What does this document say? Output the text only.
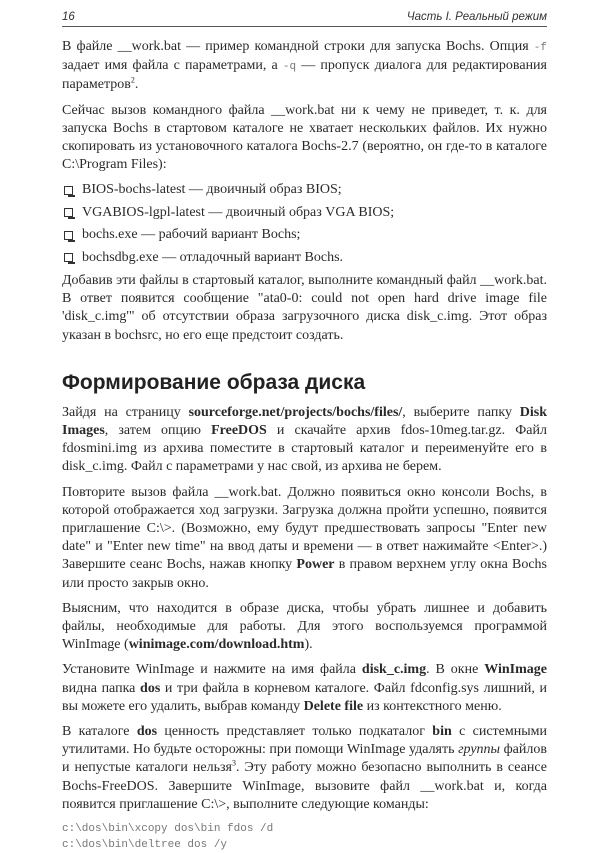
16	Часть I. Реальный режим

В файле __work.bat — пример командной строки для запуска Bochs. Опция -f задает имя файла с параметрами, а -q — пропуск диалога для редактирования параметров$^2$.

Сейчас вызов командного файла __work.bat ни к чему не приведет, т. к. для запуска Bochs в стартовом каталоге не хватает нескольких файлов. Их нужно скопировать из установочного каталога Bochs-2.7 (вероятно, он где-то в каталоге C:\Program Files):

BIOS-bochs-latest — двоичный образ BIOS;
VGABIOS-lgpl-latest — двоичный образ VGA BIOS;
bochs.exe — рабочий вариант Bochs;
bochsdbg.exe — отладочный вариант Bochs.

Добавив эти файлы в стартовый каталог, выполните командный файл __work.bat. В ответ появится сообщение "ata0-0: could not open hard drive image file 'disk_c.img'" об отсутствии образа загрузочного диска disk_c.img. Этот образ указан в bochsrc, но его еще предстоит создать.

Формирование образа диска

Зайдя на страницу sourceforge.net/projects/bochs/files/, выберите папку Disk Images, затем опцию FreeDOS и скачайте архив fdos-10meg.tar.gz. Файл fdosmini.img из архива поместите в стартовый каталог и переименуйте его в disk_c.img. Файл с параметрами у нас свой, из архива не берем.

Повторите вызов файла __work.bat. Должно появиться окно консоли Bochs, в которой отображается ход загрузки. Загрузка должна пройти успешно, появится приглашение C:\>. (Возможно, ему будут предшествовать запросы "Enter new date" и "Enter new time" на ввод даты и времени — в ответ нажимайте <Enter>.) Завершите сеанс Bochs, нажав кнопку Power в правом верхнем углу окна Bochs или просто закрыв окно.

Выясним, что находится в образе диска, чтобы убрать лишнее и добавить файлы, необходимые для работы. Для этого воспользуемся программой WinImage (winimage.com/download.htm).

Установите WinImage и нажмите на имя файла disk_c.img. В окне WinImage видна папка dos и три файла в корневом каталоге. Файл fdconfig.sys лишний, и вы можете его удалить, выбрав команду Delete file из контекстного меню.

В каталоге dos ценность представляет только подкаталог bin с системными утилитами. Но будьте осторожны: при помощи WinImage удалять группы файлов и непустые каталоги нельзя$^3$. Эту работу можно безопасно выполнить в сеансе Bochs-FreeDOS. Завершите WinImage, вызовите файл __work.bat и, когда появится приглашение C:\>, выполните следующие команды:

c:\dos\bin\xcopy dos\bin fdos /d
c:\dos\bin\deltree dos /y
